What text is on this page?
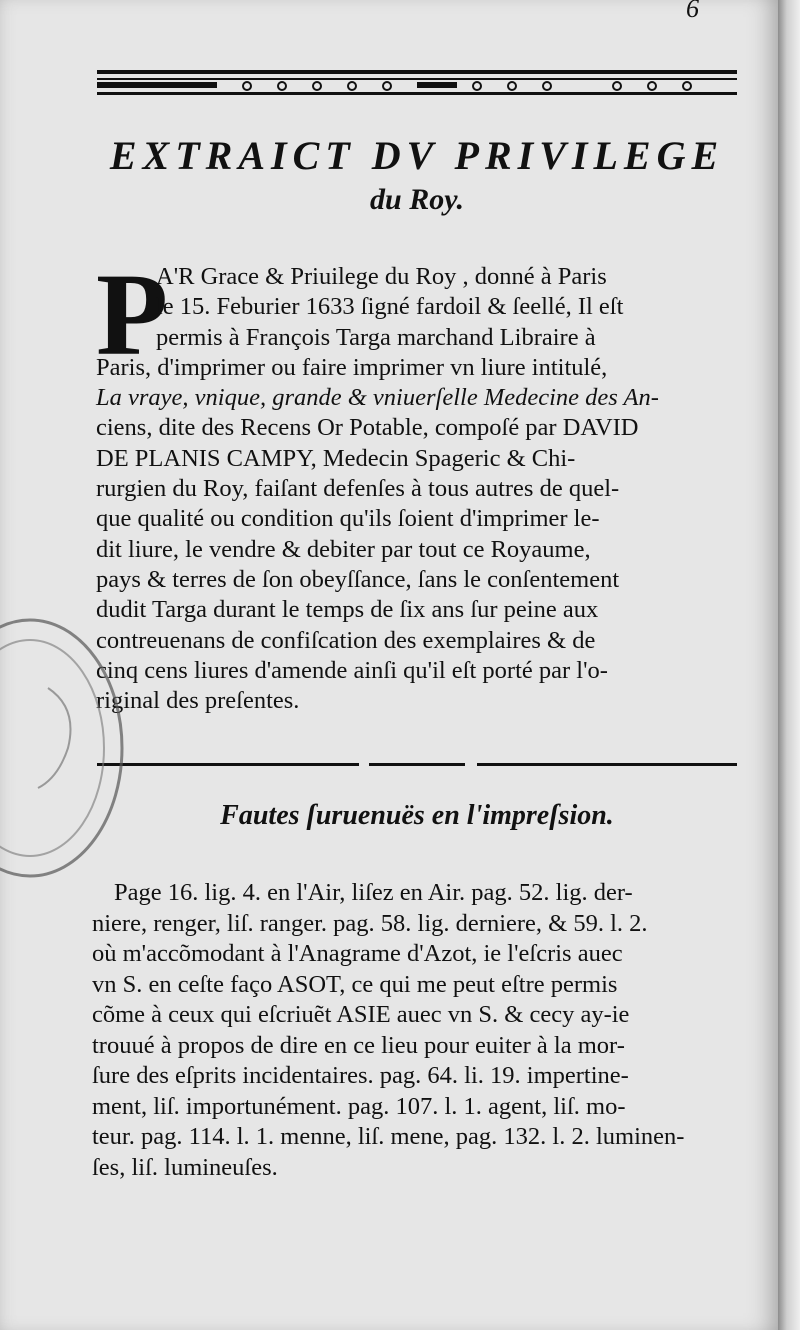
6
EXTRAICT DV PRIVILEGE
du Roy.
P
A'R Grace & Priuilege du Roy , donné à Paris
le 15. Feburier 1633 ſigné fardoil & ſeellé, Il eſt
permis à François Targa marchand Libraire à
Paris, d'imprimer ou faire imprimer vn liure intitulé,
La vraye, vnique, grande & vniuerſelle Medecine des An-
ciens, dite des Recens Or Potable, compoſé par DAVID
DE PLANIS CAMPY, Medecin Spageric & Chi-
rurgien du Roy, faiſant defenſes à tous autres de quel-
que qualité ou condition qu'ils ſoient d'imprimer le-
dit liure, le vendre & debiter par tout ce Royaume,
pays & terres de ſon obeyſſance, ſans le conſentement
dudit Targa durant le temps de ſix ans ſur peine aux
contreuenans de confiſcation des exemplaires & de
cinq cens liures d'amende ainſi qu'il eſt porté par l'o-
riginal des preſentes.
Fautes ſuruenuës en l'impreſsion.
Page 16. lig. 4. en l'Air, liſez en Air. pag. 52. lig. der-
niere, renger, liſ. ranger. pag. 58. lig. derniere, & 59. l. 2.
où m'accõmodant à l'Anagrame d'Azot, ie l'eſcris auec
vn S. en ceſte faço ASOT, ce qui me peut eſtre permis
cõme à ceux qui eſcriuẽt ASIE auec vn S. & cecy ay-ie
trouué à propos de dire en ce lieu pour euiter à la mor-
ſure des eſprits incidentaires. pag. 64. li. 19. impertine-
ment, liſ. importunément. pag. 107. l. 1. agent, liſ. mo-
teur. pag. 114. l. 1. menne, liſ. mene, pag. 132. l. 2. luminen-
ſes, liſ. lumineuſes.
